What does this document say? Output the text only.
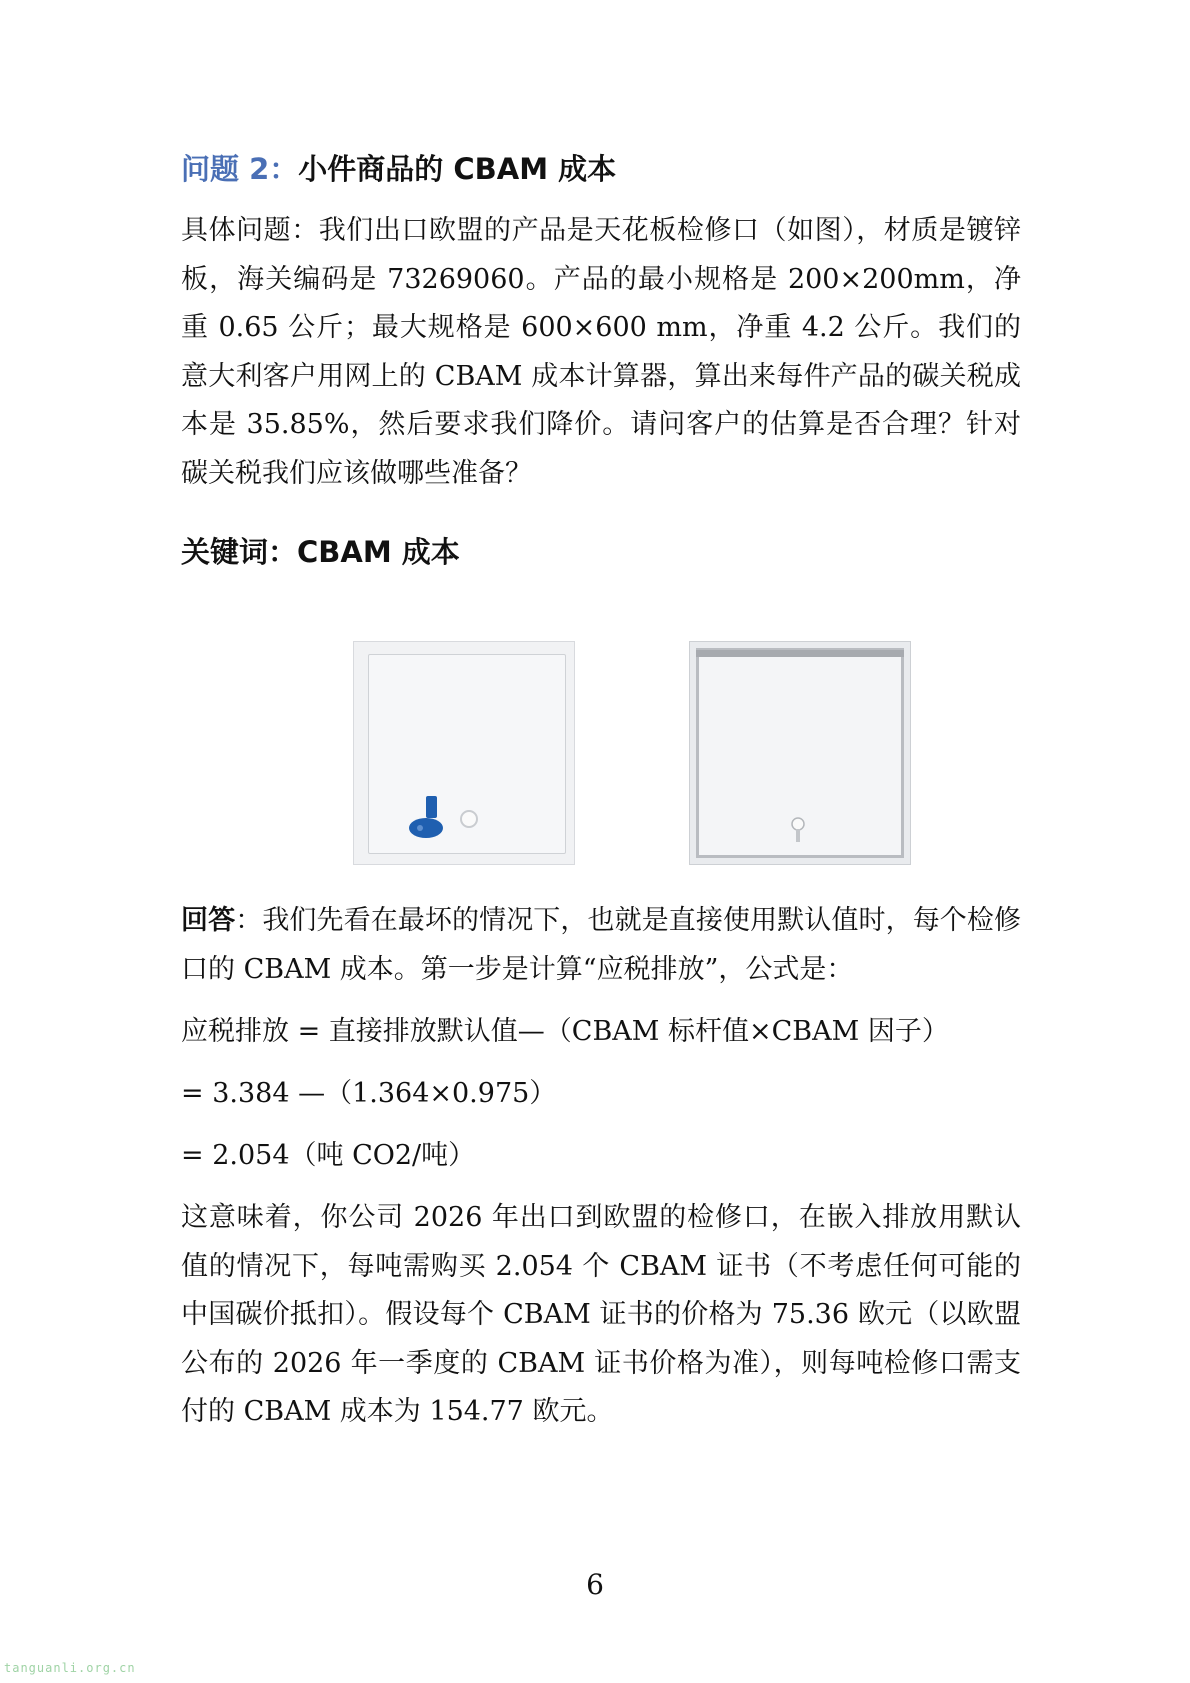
问题 2：小件商品的 CBAM 成本

具体问题：我们出口欧盟的产品是天花板检修口（如图），材质是镀锌板，海关编码是 73269060。产品的最小规格是 200×200mm，净重 0.65 公斤；最大规格是 600×600 mm，净重 4.2 公斤。我们的意大利客户用网上的 CBAM 成本计算器，算出来每件产品的碳关税成本是 35.85%，然后要求我们降价。请问客户的估算是否合理？针对碳关税我们应该做哪些准备？

关键词：CBAM 成本

回答：我们先看在最坏的情况下，也就是直接使用默认值时，每个检修口的 CBAM 成本。第一步是计算“应税排放”，公式是：

应税排放 = 直接排放默认值—（CBAM 标杆值×CBAM 因子）

= 3.384 —（1.364×0.975）

= 2.054（吨 CO2/吨）

这意味着，你公司 2026 年出口到欧盟的检修口，在嵌入排放用默认值的情况下，每吨需购买 2.054 个 CBAM 证书（不考虑任何可能的中国碳价抵扣）。假设每个 CBAM 证书的价格为 75.36 欧元（以欧盟公布的 2026 年一季度的 CBAM 证书价格为准），则每吨检修口需支付的 CBAM 成本为 154.77 欧元。

6
tanguanli.org.cn
